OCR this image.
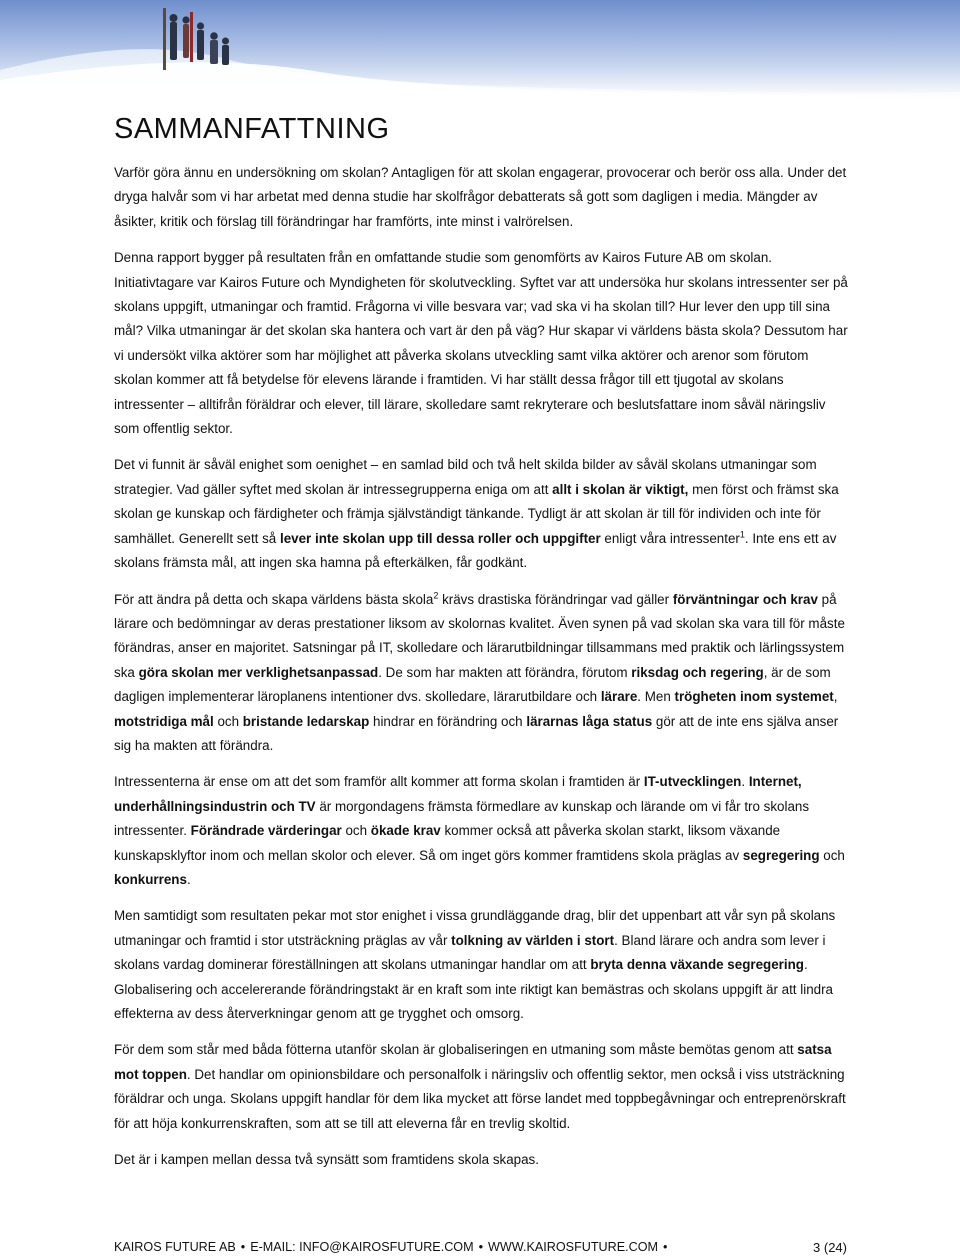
SAMMANFATTNING

Varför göra ännu en undersökning om skolan? Antagligen för att skolan engagerar, provocerar och berör oss alla. Under det dryga halvår som vi har arbetat med denna studie har skolfrågor debatterats så gott som dagligen i media. Mängder av åsikter, kritik och förslag till förändringar har framförts, inte minst i valrörelsen.

Denna rapport bygger på resultaten från en omfattande studie som genomförts av Kairos Future AB om skolan. Initiativtagare var Kairos Future och Myndigheten för skolutveckling. Syftet var att undersöka hur skolans intressenter ser på skolans uppgift, utmaningar och framtid. Frågorna vi ville besvara var; vad ska vi ha skolan till? Hur lever den upp till sina mål? Vilka utmaningar är det skolan ska hantera och vart är den på väg? Hur skapar vi världens bästa skola? Dessutom har vi undersökt vilka aktörer som har möjlighet att påverka skolans utveckling samt vilka aktörer och arenor som förutom skolan kommer att få betydelse för elevens lärande i framtiden. Vi har ställt dessa frågor till ett tjugotal av skolans intressenter – alltifrån föräldrar och elever, till lärare, skolledare samt rekryterare och beslutsfattare inom såväl näringsliv som offentlig sektor.

Det vi funnit är såväl enighet som oenighet – en samlad bild och två helt skilda bilder av såväl skolans utmaningar som strategier. Vad gäller syftet med skolan är intressegrupperna eniga om att allt i skolan är viktigt, men först och främst ska skolan ge kunskap och färdigheter och främja självständigt tänkande. Tydligt är att skolan är till för individen och inte för samhället. Generellt sett så lever inte skolan upp till dessa roller och uppgifter enligt våra intressenter$^1$. Inte ens ett av skolans främsta mål, att ingen ska hamna på efterkälken, får godkänt.

För att ändra på detta och skapa världens bästa skola$^2$ krävs drastiska förändringar vad gäller förväntningar och krav på lärare och bedömningar av deras prestationer liksom av skolornas kvalitet. Även synen på vad skolan ska vara till för måste förändras, anser en majoritet. Satsningar på IT, skolledare och lärarutbildningar tillsammans med praktik och lärlingssystem ska göra skolan mer verklighetsanpassad. De som har makten att förändra, förutom riksdag och regering, är de som dagligen implementerar läroplanens intentioner dvs. skolledare, lärarutbildare och lärare. Men trögheten inom systemet, motstridiga mål och bristande ledarskap hindrar en förändring och lärarnas låga status gör att de inte ens själva anser sig ha makten att förändra.

Intressenterna är ense om att det som framför allt kommer att forma skolan i framtiden är IT-utvecklingen. Internet, underhållningsindustrin och TV är morgondagens främsta förmedlare av kunskap och lärande om vi får tro skolans intressenter. Förändrade värderingar och ökade krav kommer också att påverka skolan starkt, liksom växande kunskapsklyftor inom och mellan skolor och elever. Så om inget görs kommer framtidens skola präglas av segregering och konkurrens.

Men samtidigt som resultaten pekar mot stor enighet i vissa grundläggande drag, blir det uppenbart att vår syn på skolans utmaningar och framtid i stor utsträckning präglas av vår tolkning av världen i stort. Bland lärare och andra som lever i skolans vardag dominerar föreställningen att skolans utmaningar handlar om att bryta denna växande segregering. Globalisering och accelererande förändringstakt är en kraft som inte riktigt kan bemästras och skolans uppgift är att lindra effekterna av dess återverkningar genom att ge trygghet och omsorg.

För dem som står med båda fötterna utanför skolan är globaliseringen en utmaning som måste bemötas genom att satsa mot toppen. Det handlar om opinionsbildare och personalfolk i näringsliv och offentlig sektor, men också i viss utsträckning föräldrar och unga. Skolans uppgift handlar för dem lika mycket att förse landet med toppbegåvningar och entreprenörskraft för att höja konkurrenskraften, som att se till att eleverna får en trevlig skoltid.

Det är i kampen mellan dessa två synsätt som framtidens skola skapas.

KAIROS FUTURE AB • E-MAIL: INFO@KAIROSFUTURE.COM • WWW.KAIROSFUTURE.COM •	3 (24)
